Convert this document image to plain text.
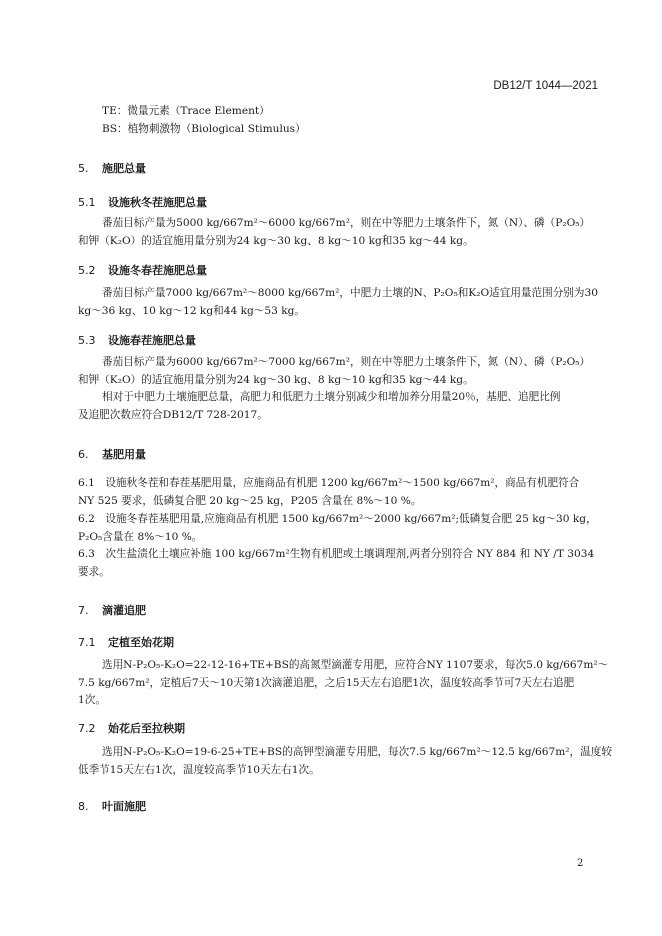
DB12/T 1044—2021
TE：微量元素（Trace Element）
BS：植物刺激物（Biological Stimulus）
5. 施肥总量
5.1 设施秋冬茬施肥总量
番茄目标产量为5000 kg/667m²～6000 kg/667m²，则在中等肥力土壤条件下，氮（N）、磷（P₂O₅）
和钾（K₂O）的适宜施用量分别为24 kg～30 kg、8 kg～10 kg和35 kg～44 kg。
5.2 设施冬春茬施肥总量
番茄目标产量7000 kg/667m²～8000 kg/667m²，中肥力土壤的N、P₂O₅和K₂O适宜用量范围分别为30
kg～36 kg、10 kg～12 kg和44 kg～53 kg。
5.3 设施春茬施肥总量
番茄目标产量为6000 kg/667m²～7000 kg/667m²，则在中等肥力土壤条件下，氮（N）、磷（P₂O₅）
和钾（K₂O）的适宜施用量分别为24 kg～30 kg、8 kg～10 kg和35 kg～44 kg。
相对于中肥力土壤施肥总量，高肥力和低肥力土壤分别减少和增加养分用量20％，基肥、追肥比例
及追肥次数应符合DB12/T 728-2017。
6. 基肥用量
6.1　设施秋冬茬和春茬基肥用量，应施商品有机肥 1200 kg/667m²～1500 kg/667m²，商品有机肥符合
NY 525 要求，低磷复合肥 20 kg～25 kg，P205 含量在 8%～10 %。
6.2　设施冬春茬基肥用量,应施商品有机肥 1500 kg/667m²～2000 kg/667m²;低磷复合肥 25 kg～30 kg，
P₂O₅含量在 8%～10 %。
6.3　次生盐渍化土壤应补施 100 kg/667m²生物有机肥或土壤调理剂,两者分别符合 NY 884 和 NY /T 3034
要求。
7. 滴灌追肥
7.1 定植至始花期
选用N-P₂O₅-K₂O=22-12-16+TE+BS的高氮型滴灌专用肥，应符合NY 1107要求，每次5.0 kg/667m²～
7.5 kg/667m²，定植后7天～10天第1次滴灌追肥，之后15天左右追肥1次，温度较高季节可7天左右追肥
1次。
7.2 始花后至拉秧期
选用N-P₂O₅-K₂O=19-6-25+TE+BS的高钾型滴灌专用肥，每次7.5 kg/667m²～12.5 kg/667m²，温度较
低季节15天左右1次，温度较高季节10天左右1次。
8. 叶面施肥
2
